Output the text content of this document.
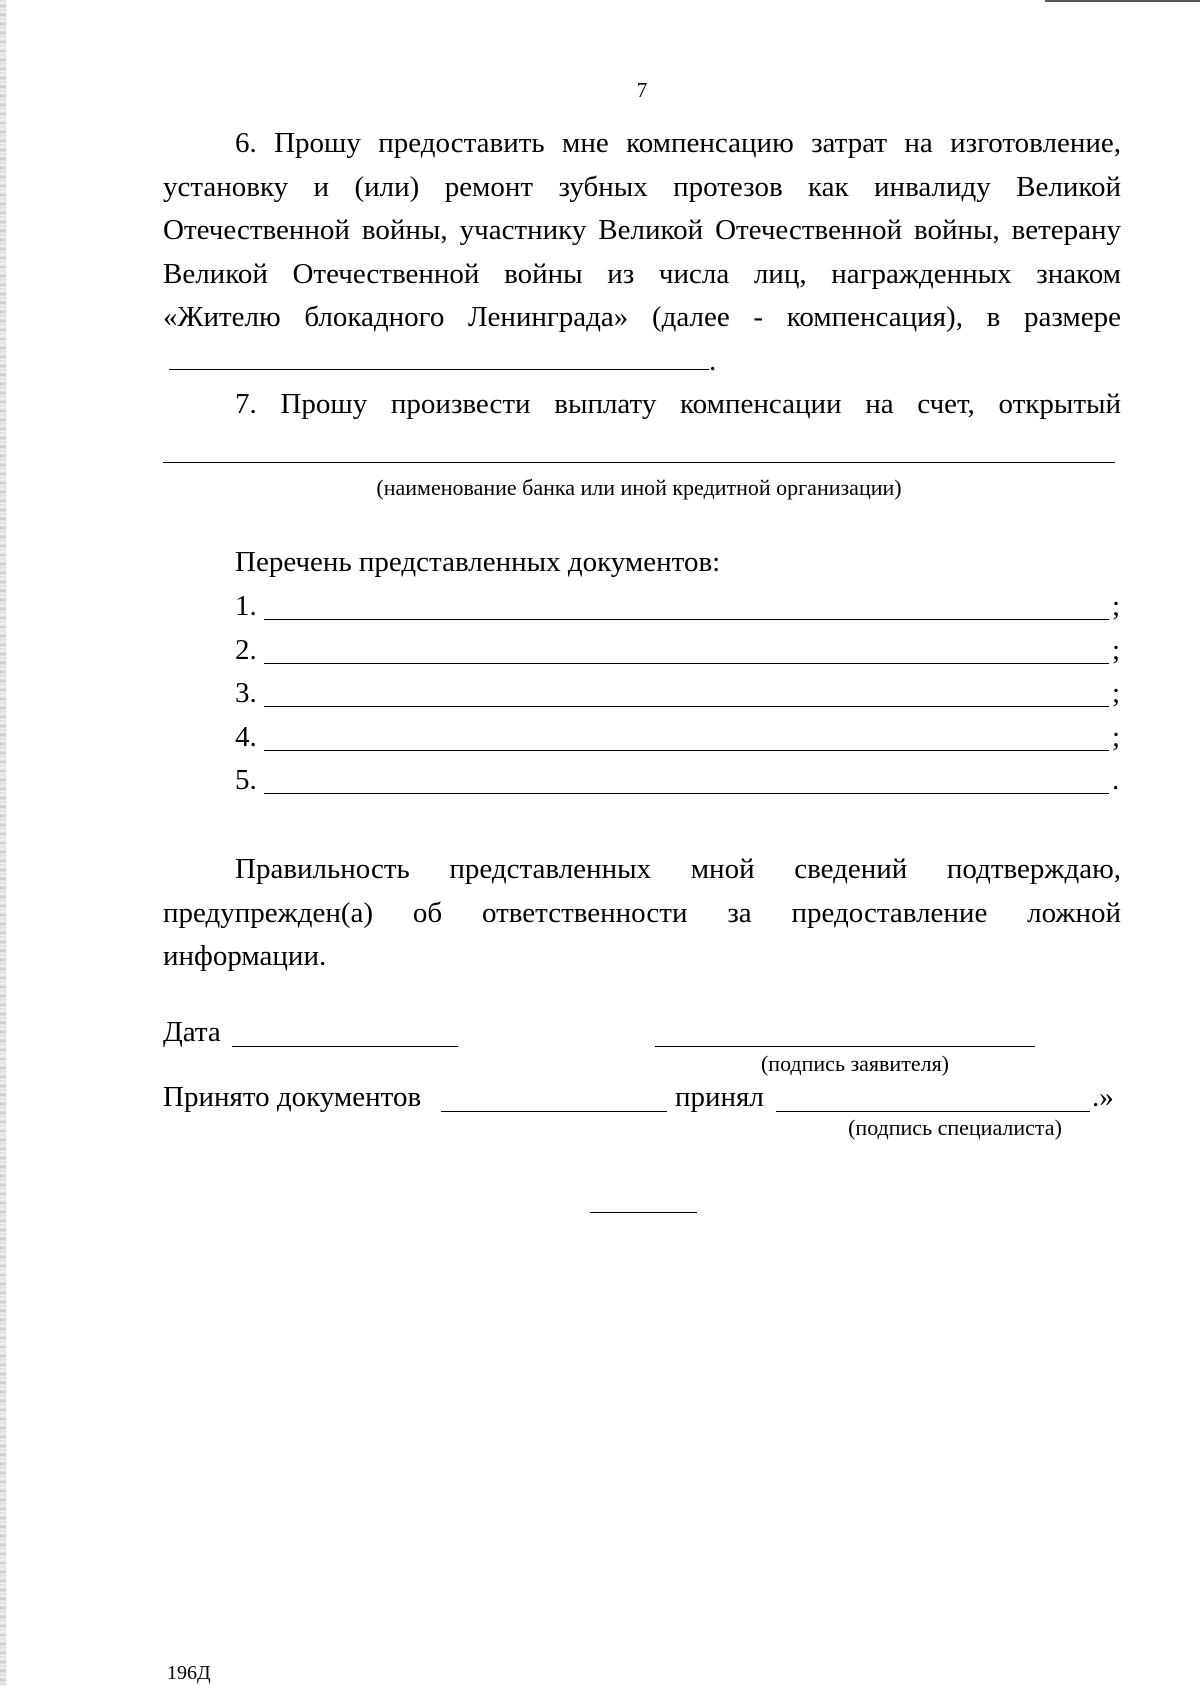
7

6. Прошу предоставить мне компенсацию затрат на изготовление, установку и (или) ремонт зубных протезов как инвалиду Великой Отечественной войны, участнику Великой Отечественной войны, ветерану Великой Отечественной войны из числа лиц, награжденных знаком «Жителю блокадного Ленинграда» (далее - компенсация), в размере.

7. Прошу произвести выплату компенсации на счет, открытый

(наименование банка или иной кредитной организации)
Перечень представленных документов:
1.	;
2.	;
3.	;
4.	;
5.	.

Правильность представленных мной сведений подтверждаю, предупрежден(а) об ответственности за предоставление ложной информации.

Дата
(подпись заявителя)
Принято документов	принял	.»
(подпись специалиста)
196Д
